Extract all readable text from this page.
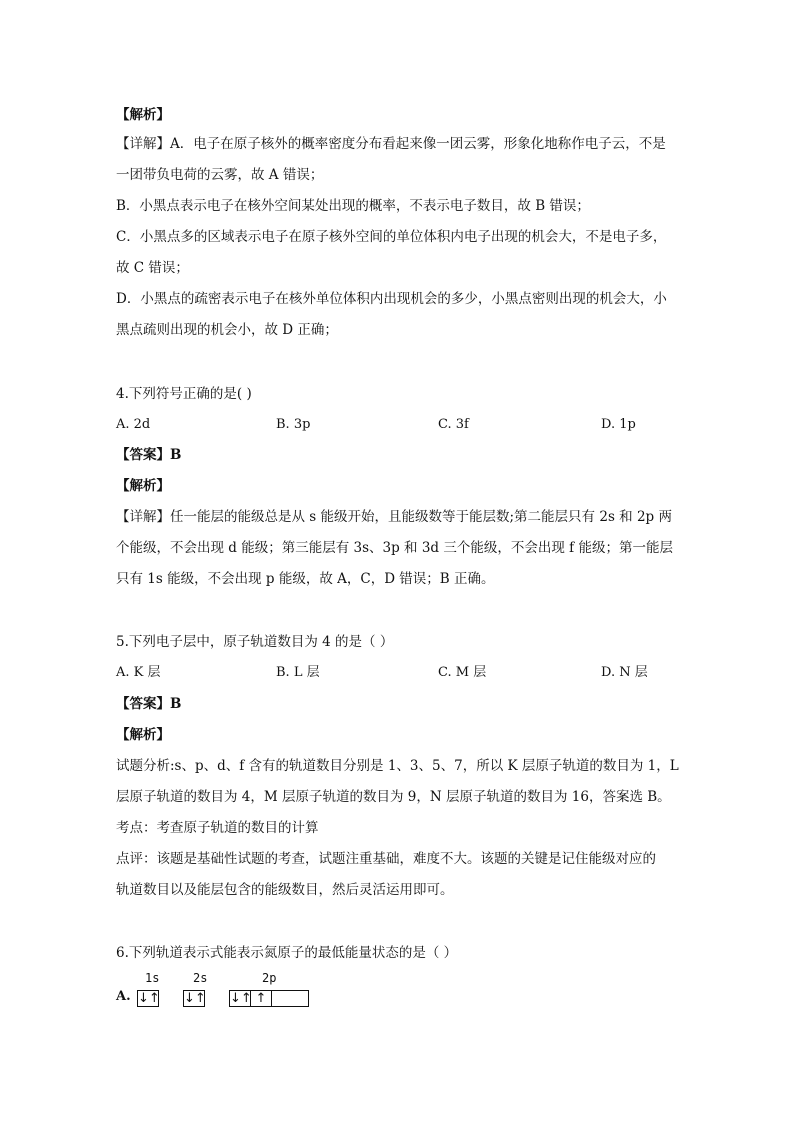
【解析】
【详解】A．电子在原子核外的概率密度分布看起来像一团云雾，形象化地称作电子云，不是
一团带负电荷的云雾，故 A 错误；
B．小黑点表示电子在核外空间某处出现的概率，不表示电子数目，故 B 错误；
C．小黑点多的区域表示电子在原子核外空间的单位体积内电子出现的机会大，不是电子多，
故 C 错误；
D．小黑点的疏密表示电子在核外单位体积内出现机会的多少，小黑点密则出现的机会大，小
黑点疏则出现的机会小，故 D 正确；
4.下列符号正确的是( )
A. 2d	B. 3p	C. 3f	D. 1p
【答案】B
【解析】
【详解】任一能层的能级总是从 s 能级开始，且能级数等于能层数;第二能层只有 2s 和 2p 两
个能级，不会出现 d 能级；第三能层有 3s、3p 和 3d 三个能级，不会出现 f 能级；第一能层
只有 1s 能级，不会出现 p 能级，故 A，C，D 错误；B 正确。
5.下列电子层中，原子轨道数目为 4 的是（ ）
A. K 层	B. L 层	C. M 层	D. N 层
【答案】B
【解析】
试题分析:s、p、d、f 含有的轨道数目分别是 1、3、5、7，所以 K 层原子轨道的数目为 1，L
层原子轨道的数目为 4，M 层原子轨道的数目为 9，N 层原子轨道的数目为 16，答案选 B。
考点：考查原子轨道的数目的计算
点评：该题是基础性试题的考查，试题注重基础，难度不大。该题的关键是记住能级对应的
轨道数目以及能层包含的能级数目，然后灵活运用即可。
6.下列轨道表示式能表示氮原子的最低能量状态的是（ ）
1s	2s	2p
A. ↓↑ ↓↑ ↓↑ ↑
